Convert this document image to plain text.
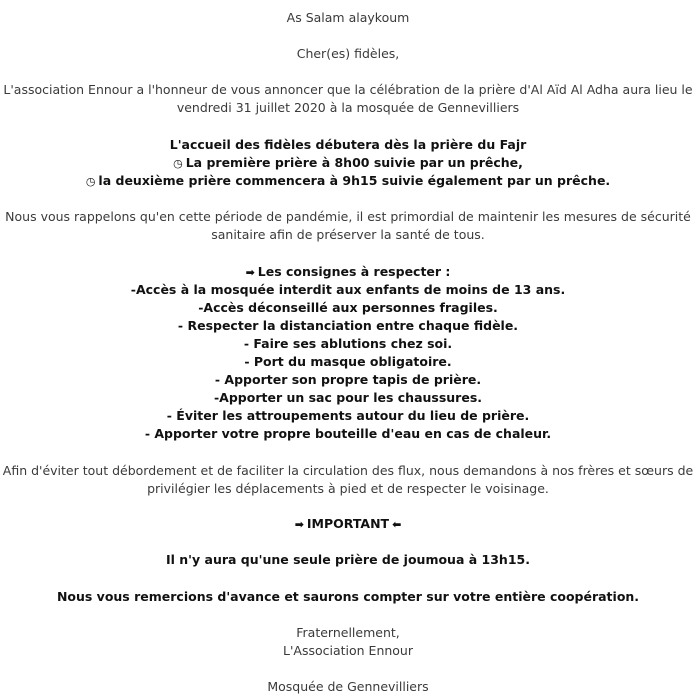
As Salam alaykoum
Cher(es) fidèles,
L'association Ennour a l'honneur de vous annoncer que la célébration de la prière d'Al Aïd Al Adha aura lieu le
vendredi 31 juillet 2020 à la mosquée de Gennevilliers
L'accueil des fidèles débutera dès la prière du Fajr
◷ La première prière à 8h00 suivie par un prêche,
◷ la deuxième prière commencera à 9h15 suivie également par un prêche.
Nous vous rappelons qu'en cette période de pandémie, il est primordial de maintenir les mesures de sécurité
sanitaire afin de préserver la santé de tous.
➡ Les consignes à respecter :
-Accès à la mosquée interdit aux enfants de moins de 13 ans.
-Accès déconseillé aux personnes fragiles.
- Respecter la distanciation entre chaque fidèle.
- Faire ses ablutions chez soi.
- Port du masque obligatoire.
- Apporter son propre tapis de prière.
-Apporter un sac pour les chaussures.
- Éviter les attroupements autour du lieu de prière.
- Apporter votre propre bouteille d'eau en cas de chaleur.
Afin d'éviter tout débordement et de faciliter la circulation des flux, nous demandons à nos frères et sœurs de
privilégier les déplacements à pied et de respecter le voisinage.
➡ IMPORTANT ⬅
Il n'y aura qu'une seule prière de joumoua à 13h15.
Nous vous remercions d'avance et saurons compter sur votre entière coopération.
Fraternellement,
L'Association Ennour
Mosquée de Gennevilliers
